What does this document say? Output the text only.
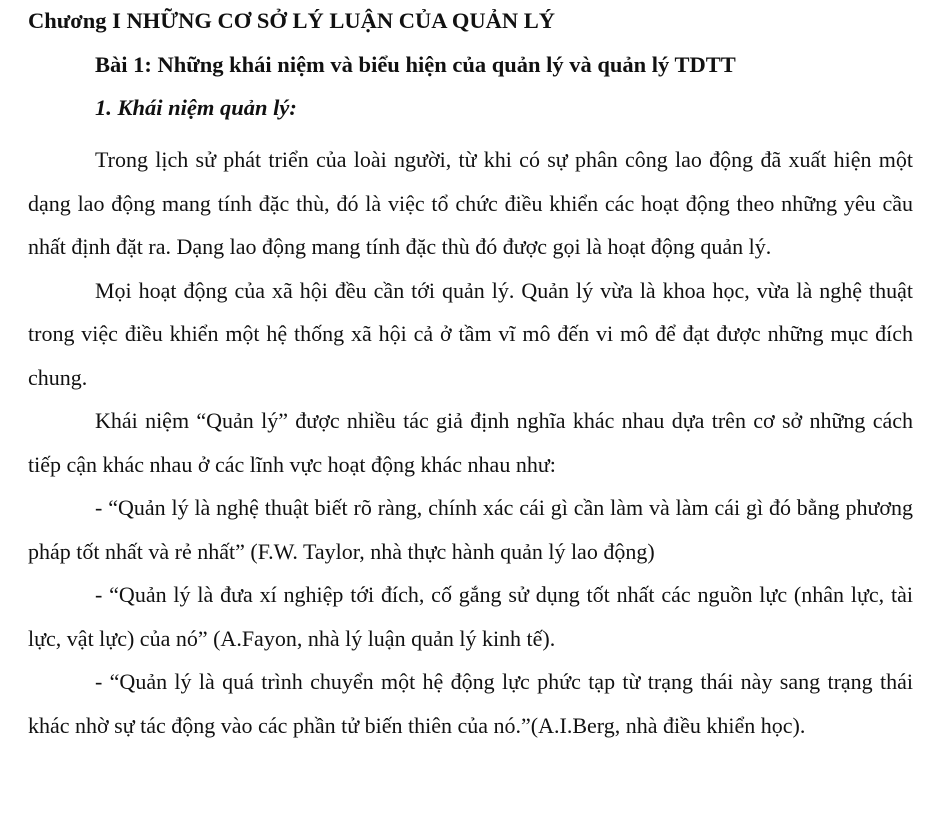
Chương I NHỮNG CƠ SỞ LÝ LUẬN CỦA QUẢN LÝ
Bài 1: Những khái niệm và biểu hiện của quản lý và quản lý TDTT
1. Khái niệm quản lý:

Trong lịch sử phát triển của loài người, từ khi có sự phân công lao động đã xuất hiện một dạng lao động mang tính đặc thù, đó là việc tổ chức điều khiển các hoạt động theo những yêu cầu nhất định đặt ra. Dạng lao động mang tính đặc thù đó được gọi là hoạt động quản lý.

Mọi hoạt động của xã hội đều cần tới quản lý. Quản lý vừa là khoa học, vừa là nghệ thuật trong việc điều khiển một hệ thống xã hội cả ở tầm vĩ mô đến vi mô để đạt được những mục đích chung.

Khái niệm “Quản lý” được nhiều tác giả định nghĩa khác nhau dựa trên cơ sở những cách tiếp cận khác nhau ở các lĩnh vực hoạt động khác nhau như:

- “Quản lý là nghệ thuật biết rõ ràng, chính xác cái gì cần làm và làm cái gì đó bằng phương pháp tốt nhất và rẻ nhất” (F.W. Taylor, nhà thực hành quản lý lao động)

- “Quản lý là đưa xí nghiệp tới đích, cố gắng sử dụng tốt nhất các nguồn lực (nhân lực, tài lực, vật lực) của nó” (A.Fayon, nhà lý luận quản lý kinh tế).

- “Quản lý là quá trình chuyển một hệ động lực phức tạp từ trạng thái này sang trạng thái khác nhờ sự tác động vào các phần tử biến thiên của nó.”(A.I.Berg, nhà điều khiển học).
